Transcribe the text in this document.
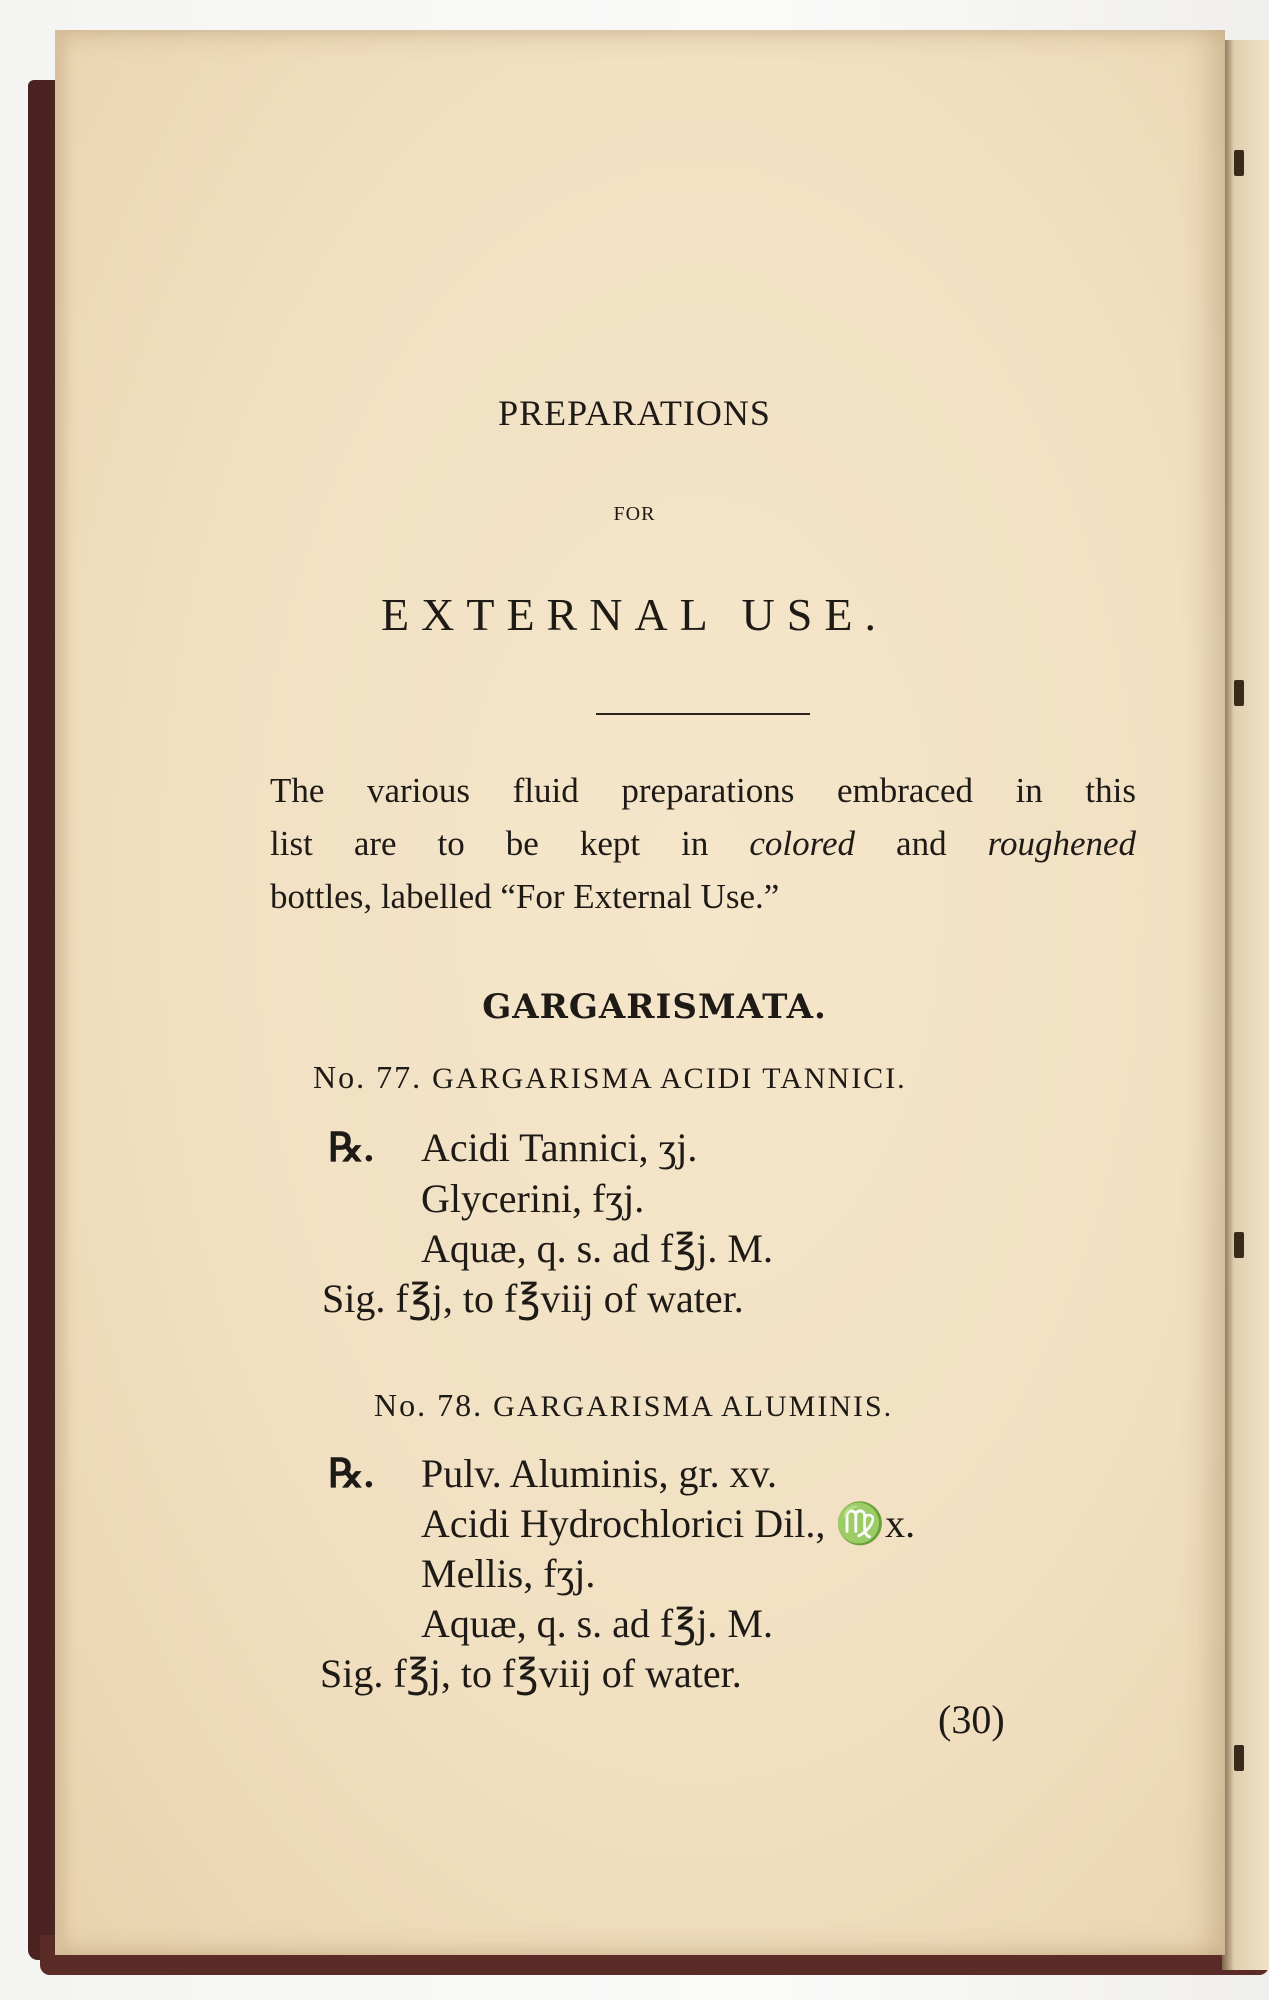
PREPARATIONS
FOR
EXTERNAL USE.
The various fluid preparations embraced in this
list are to be kept in colored and roughened
bottles, labelled “For External Use.”
GARGARISMATA.
No. 77. GARGARISMA ACIDI TANNICI.
℞. Acidi Tannici, ʒj.
Glycerini, fʒj.
Aquæ, q. s. ad f℥j. M.
Sig. f℥j, to f℥viij of water.
No. 78. GARGARISMA ALUMINIS.
℞. Pulv. Aluminis, gr. xv.
Acidi Hydrochlorici Dil., ♍x.
Mellis, fʒj.
Aquæ, q. s. ad f℥j. M.
Sig. f℥j, to f℥viij of water.
(30)
